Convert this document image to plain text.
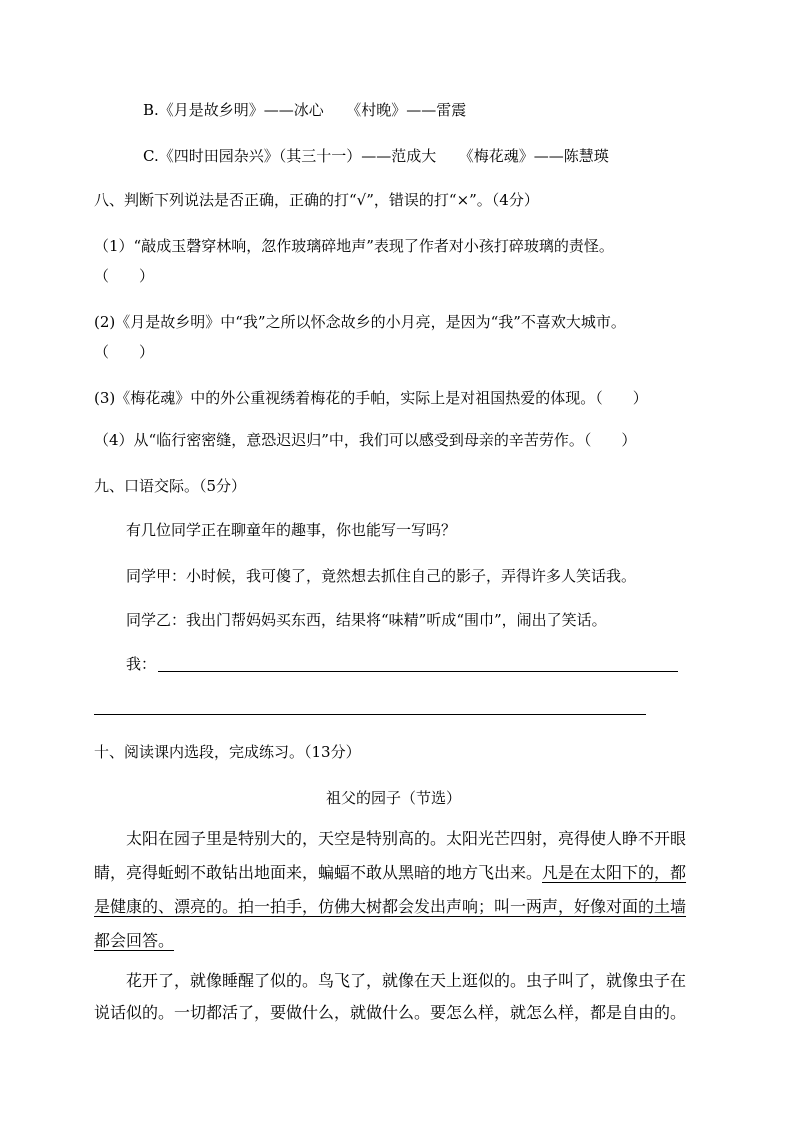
B.《月是故乡明》——冰心　　《村晚》——雷震
C.《四时田园杂兴》（其三十一）——范成大　　《梅花魂》——陈慧瑛
八、判断下列说法是否正确，正确的打“√”，错误的打“×”。（4分）
（1）“敲成玉磬穿林响，忽作玻璃碎地声”表现了作者对小孩打碎玻璃的责怪。
（　　）
(2)《月是故乡明》中“我”之所以怀念故乡的小月亮，是因为“我”不喜欢大城市。
（　　）
(3)《梅花魂》中的外公重视绣着梅花的手帕，实际上是对祖国热爱的体现。（　　）
（4）从“临行密密缝，意恐迟迟归”中，我们可以感受到母亲的辛苦劳作。（　　）
九、口语交际。（5分）
有几位同学正在聊童年的趣事，你也能写一写吗？
同学甲：小时候，我可傻了，竟然想去抓住自己的影子，弄得许多人笑话我。
同学乙：我出门帮妈妈买东西，结果将“味精”听成“围巾”，闹出了笑话。
我：
十、阅读课内选段，完成练习。（13分）
祖父的园子（节选）
太阳在园子里是特别大的，天空是特别高的。太阳光芒四射，亮得使人睁不开眼
睛，亮得蚯蚓不敢钻出地面来，蝙蝠不敢从黑暗的地方飞出来。凡是在太阳下的，都
是健康的、漂亮的。拍一拍手，仿佛大树都会发出声响；叫一两声，好像对面的土墙
都会回答。
花开了，就像睡醒了似的。鸟飞了，就像在天上逛似的。虫子叫了，就像虫子在
说话似的。一切都活了，要做什么，就做什么。要怎么样，就怎么样，都是自由的。
